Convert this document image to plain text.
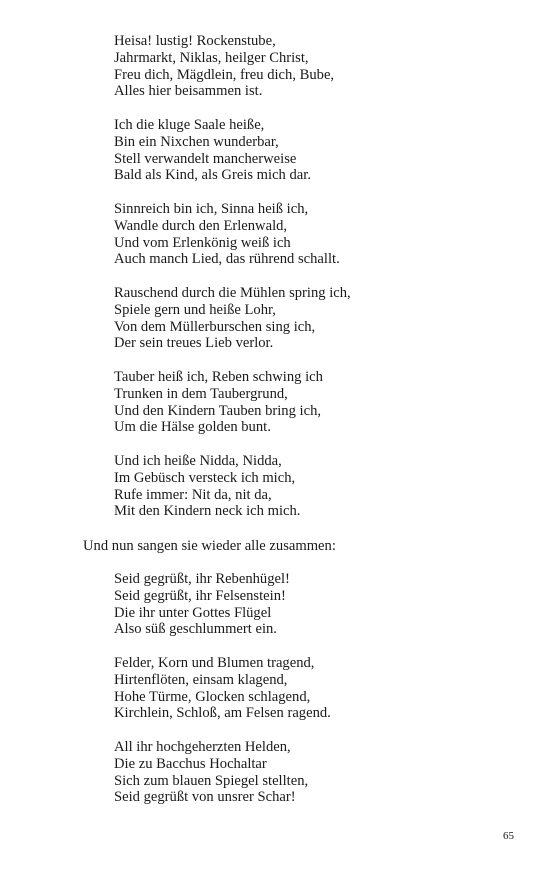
Heisa! lustig! Rockenstube,
Jahrmarkt, Niklas, heilger Christ,
Freu dich, Mägdlein, freu dich, Bube,
Alles hier beisammen ist.
Ich die kluge Saale heiße,
Bin ein Nixchen wunderbar,
Stell verwandelt mancherweise
Bald als Kind, als Greis mich dar.
Sinnreich bin ich, Sinna heiß ich,
Wandle durch den Erlenwald,
Und vom Erlenkönig weiß ich
Auch manch Lied, das rührend schallt.
Rauschend durch die Mühlen spring ich,
Spiele gern und heiße Lohr,
Von dem Müllerburschen sing ich,
Der sein treues Lieb verlor.
Tauber heiß ich, Reben schwing ich
Trunken in dem Taubergrund,
Und den Kindern Tauben bring ich,
Um die Hälse golden bunt.
Und ich heiße Nidda, Nidda,
Im Gebüsch versteck ich mich,
Rufe immer: Nit da, nit da,
Mit den Kindern neck ich mich.
Und nun sangen sie wieder alle zusammen:
Seid gegrüßt, ihr Rebenhügel!
Seid gegrüßt, ihr Felsenstein!
Die ihr unter Gottes Flügel
Also süß geschlummert ein.
Felder, Korn und Blumen tragend,
Hirtenflöten, einsam klagend,
Hohe Türme, Glocken schlagend,
Kirchlein, Schloß, am Felsen ragend.
All ihr hochgeherzten Helden,
Die zu Bacchus Hochaltar
Sich zum blauen Spiegel stellten,
Seid gegrüßt von unsrer Schar!
65
